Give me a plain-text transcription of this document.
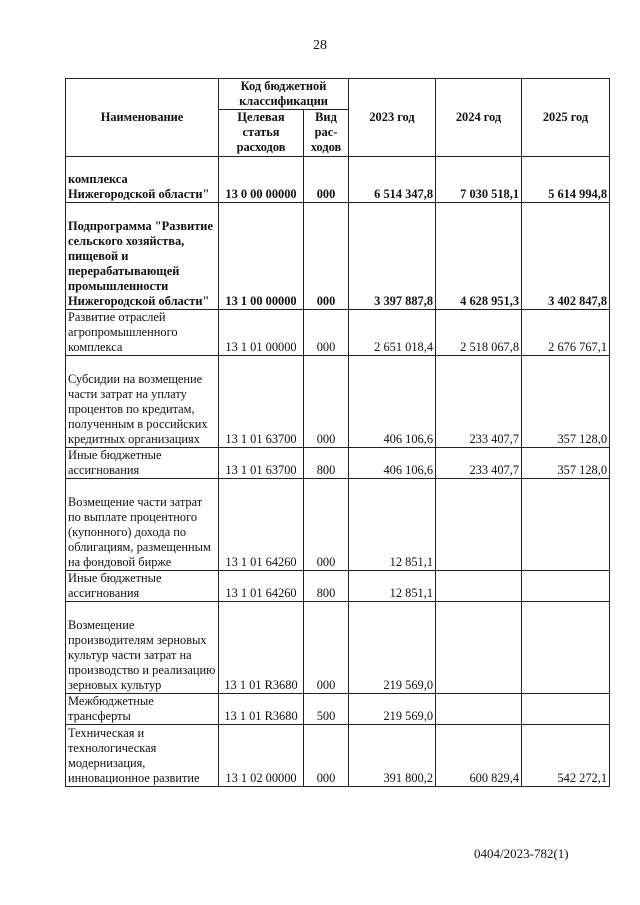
28
Наименование	Код бюджетной классификации		2023 год	2024 год	2025 год
	Целевая статья расходов	Вид рас-ходов			
комплекса Нижегородской области"	13 0 00 00000	000	6 514 347,8	7 030 518,1	5 614 994,8
Подпрограмма "Развитие сельского хозяйства, пищевой и перерабатывающей промышленности Нижегородской области"	13 1 00 00000	000	3 397 887,8	4 628 951,3	3 402 847,8
Развитие отраслей агропромышленного комплекса	13 1 01 00000	000	2 651 018,4	2 518 067,8	2 676 767,1
Субсидии на возмещение части затрат на уплату процентов по кредитам, полученным в российских кредитных организациях	13 1 01 63700	000	406 106,6	233 407,7	357 128,0
Иные бюджетные ассигнования	13 1 01 63700	800	406 106,6	233 407,7	357 128,0
Возмещение части затрат по выплате процентного (купонного) дохода по облигациям, размещенным на фондовой бирже	13 1 01 64260	000	12 851,1		
Иные бюджетные ассигнования	13 1 01 64260	800	12 851,1		
Возмещение производителям зерновых культур части затрат на производство и реализацию зерновых культур	13 1 01 R3680	000	219 569,0		
Межбюджетные трансферты	13 1 01 R3680	500	219 569,0		
Техническая и технологическая модернизация, инновационное развитие	13 1 02 00000	000	391 800,2	600 829,4	542 272,1
0404/2023-782(1)
